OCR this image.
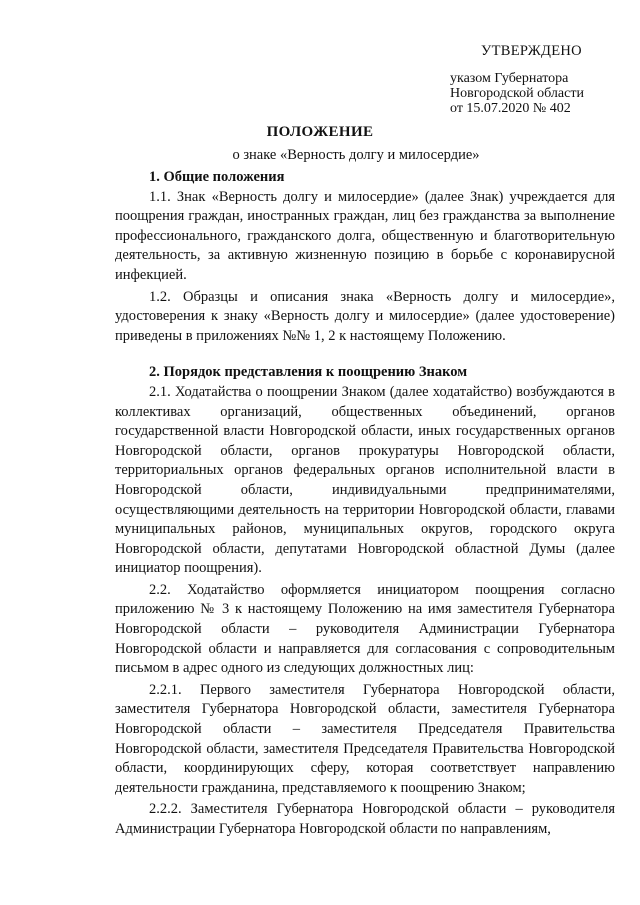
УТВЕРЖДЕНО
указом Губернатора
Новгородской области
от 15.07.2020 № 402
ПОЛОЖЕНИЕ
о знаке «Верность долгу и милосердие»
1. Общие положения

1.1. Знак «Верность долгу и милосердие» (далее Знак) учреждается для поощрения граждан, иностранных граждан, лиц без гражданства за выполнение профессионального, гражданского долга, общественную и благотворительную деятельность, за активную жизненную позицию в борьбе с коронавирусной инфекцией.

1.2. Образцы и описания знака «Верность долгу и милосердие», удостоверения к знаку «Верность долгу и милосердие» (далее удостоверение) приведены в приложениях №№ 1, 2 к настоящему Положению.

2. Порядок представления к поощрению Знаком

2.1. Ходатайства о поощрении Знаком (далее ходатайство) возбуждаются в коллективах организаций, общественных объединений, органов государственной власти Новгородской области, иных государственных органов Новгородской области, органов прокуратуры Новгородской области, территориальных органов федеральных органов исполнительной власти в Новгородской области, индивидуальными предпринимателями, осуществляющими деятельность на территории Новгородской области, главами муниципальных районов, муниципальных округов, городского округа Новгородской области, депутатами Новгородской областной Думы (далее инициатор поощрения).

2.2. Ходатайство оформляется инициатором поощрения согласно приложению № 3 к настоящему Положению на имя заместителя Губернатора Новгородской области – руководителя Администрации Губернатора Новгородской области и направляется для согласования с сопроводительным письмом в адрес одного из следующих должностных лиц:

2.2.1. Первого заместителя Губернатора Новгородской области, заместителя Губернатора Новгородской области, заместителя Губернатора Новгородской области – заместителя Председателя Правительства Новгородской области, заместителя Председателя Правительства Новгородской области, координирующих сферу, которая соответствует направлению деятельности гражданина, представляемого к поощрению Знаком;

2.2.2. Заместителя Губернатора Новгородской области – руководителя Администрации Губернатора Новгородской области по направлениям,
